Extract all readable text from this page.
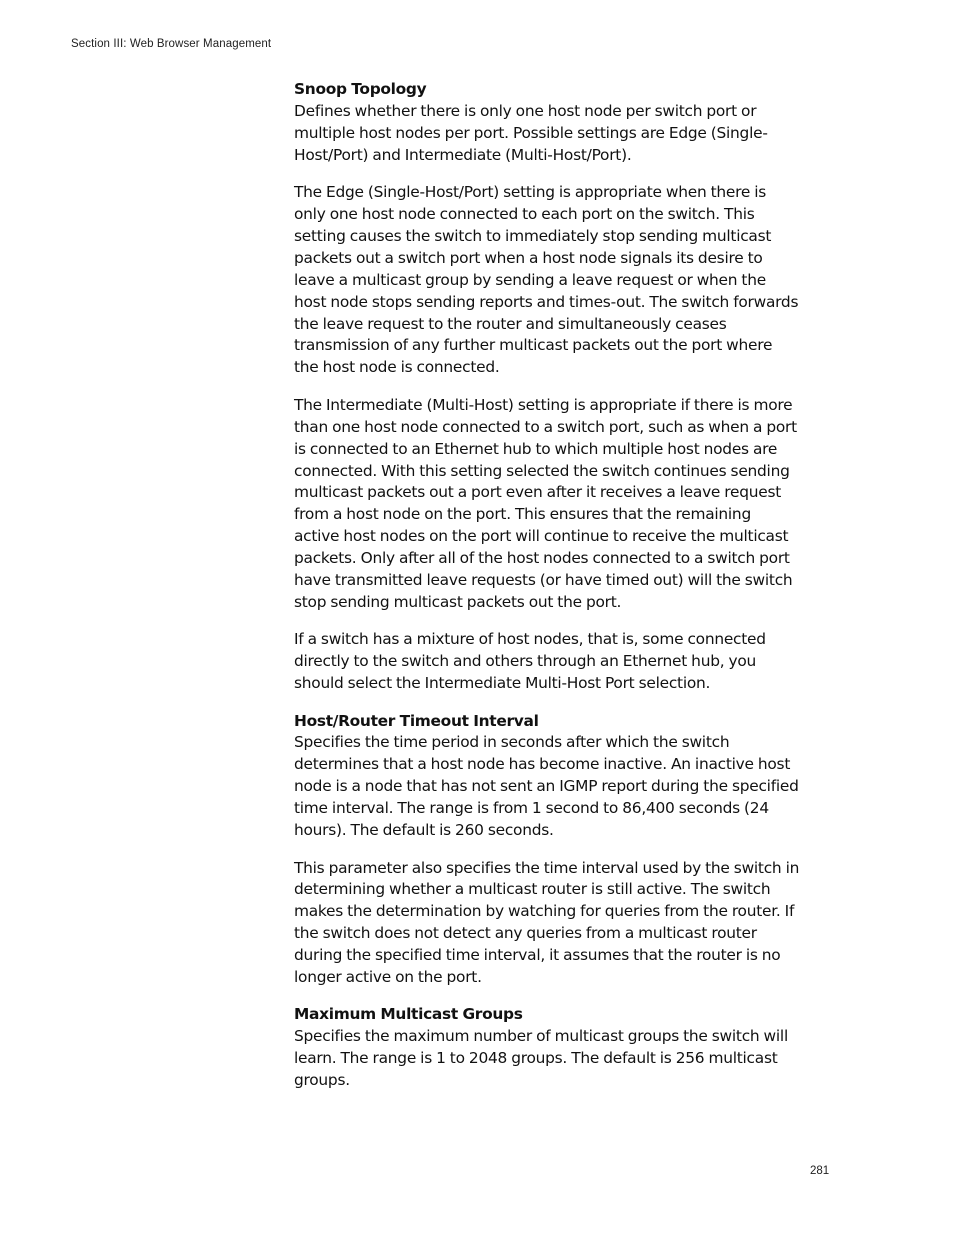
Section III: Web Browser Management
Snoop Topology

Defines whether there is only one host node per switch port or multiple host nodes per port. Possible settings are Edge (Single-Host/Port) and Intermediate (Multi-Host/Port).

The Edge (Single-Host/Port) setting is appropriate when there is only one host node connected to each port on the switch. This setting causes the switch to immediately stop sending multicast packets out a switch port when a host node signals its desire to leave a multicast group by sending a leave request or when the host node stops sending reports and times-out. The switch forwards the leave request to the router and simultaneously ceases transmission of any further multicast packets out the port where the host node is connected.

The Intermediate (Multi-Host) setting is appropriate if there is more than one host node connected to a switch port, such as when a port is connected to an Ethernet hub to which multiple host nodes are connected. With this setting selected the switch continues sending multicast packets out a port even after it receives a leave request from a host node on the port. This ensures that the remaining active host nodes on the port will continue to receive the multicast packets. Only after all of the host nodes connected to a switch port have transmitted leave requests (or have timed out) will the switch stop sending multicast packets out the port.

If a switch has a mixture of host nodes, that is, some connected directly to the switch and others through an Ethernet hub, you should select the Intermediate Multi-Host Port selection.

Host/Router Timeout Interval

Specifies the time period in seconds after which the switch determines that a host node has become inactive. An inactive host node is a node that has not sent an IGMP report during the specified time interval. The range is from 1 second to 86,400 seconds (24 hours). The default is 260 seconds.

This parameter also specifies the time interval used by the switch in determining whether a multicast router is still active. The switch makes the determination by watching for queries from the router. If the switch does not detect any queries from a multicast router during the specified time interval, it assumes that the router is no longer active on the port.

Maximum Multicast Groups

Specifies the maximum number of multicast groups the switch will learn. The range is 1 to 2048 groups. The default is 256 multicast groups.

281
